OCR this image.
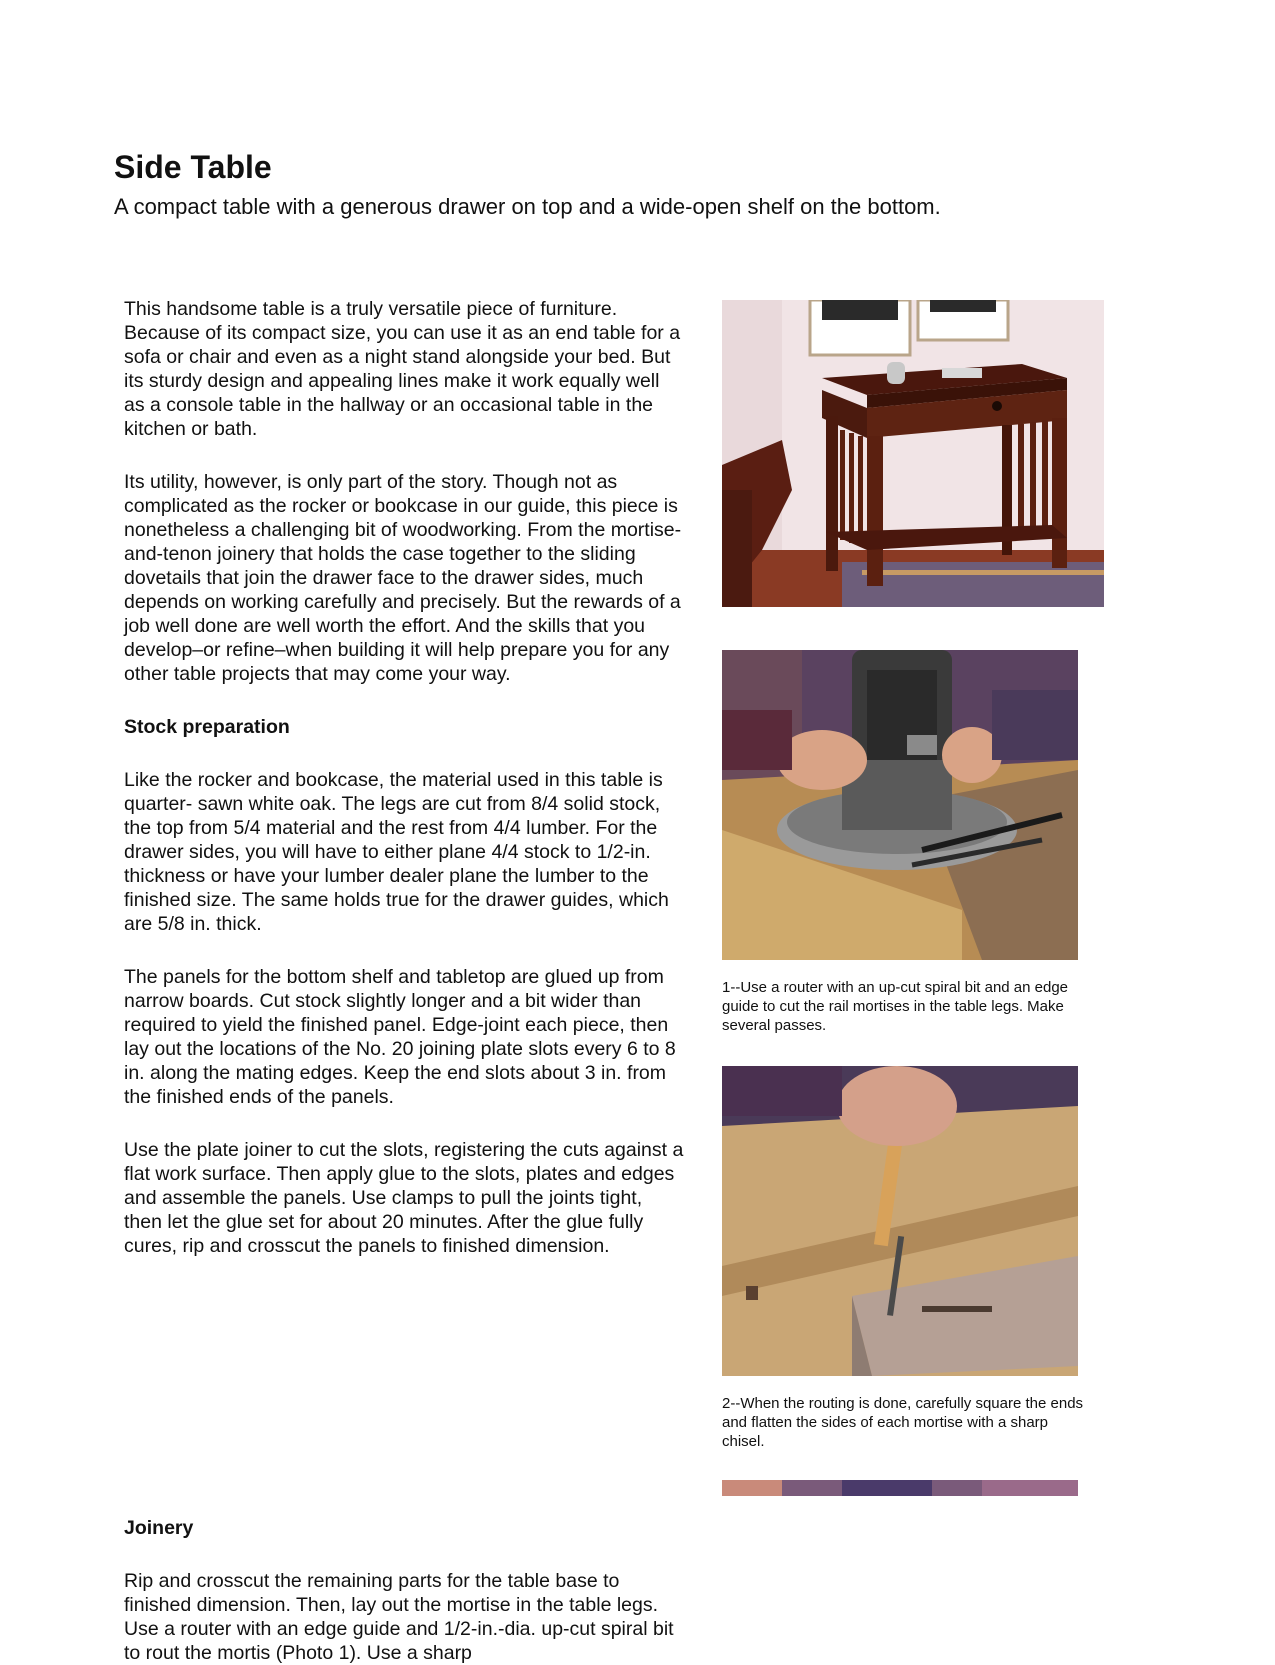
Side Table
A compact table with a generous drawer on top and a wide-open shelf on the bottom.

This handsome table is a truly versatile piece of furniture. Because of its compact size, you can use it as an end table for a sofa or chair and even as a night stand alongside your bed. But its sturdy design and appealing lines make it work equally well as a console table in the hallway or an occasional table in the kitchen or bath.

Its utility, however, is only part of the story. Though not as complicated as the rocker or bookcase in our guide, this piece is nonetheless a challenging bit of woodworking. From the mortise-and-tenon joinery that holds the case together to the sliding dovetails that join the drawer face to the drawer sides, much depends on working carefully and precisely. But the rewards of a job well done are well worth the effort. And the skills that you develop–or refine–when building it will help prepare you for any other table projects that may come your way.

Stock preparation

Like the rocker and bookcase, the material used in this table is quarter- sawn white oak. The legs are cut from 8/4 solid stock, the top from 5/4 material and the rest from 4/4 lumber. For the drawer sides, you will have to either plane 4/4 stock to 1/2-in. thickness or have your lumber dealer plane the lumber to the finished size. The same holds true for the drawer guides, which are 5/8 in. thick.

The panels for the bottom shelf and tabletop are glued up from narrow boards. Cut stock slightly longer and a bit wider than required to yield the finished panel. Edge-joint each piece, then lay out the locations of the No. 20 joining plate slots every 6 to 8 in. along the mating edges. Keep the end slots about 3 in. from the finished ends of the panels.

Use the plate joiner to cut the slots, registering the cuts against a flat work surface. Then apply glue to the slots, plates and edges and assemble the panels. Use clamps to pull the joints tight, then let the glue set for about 20 minutes. After the glue fully cures, rip and crosscut the panels to finished dimension.

Joinery

Rip and crosscut the remaining parts for the table base to finished dimension. Then, lay out the mortise in the table legs. Use a router with an edge guide and 1/2-in.-dia. up-cut spiral bit to rout the mortis (Photo 1). Use a sharp

1--Use a router with an up-cut spiral bit and an edge guide to cut the rail mortises in the table legs. Make several passes.
2--When the routing is done, carefully square the ends and flatten the sides of each mortise with a sharp chisel.
